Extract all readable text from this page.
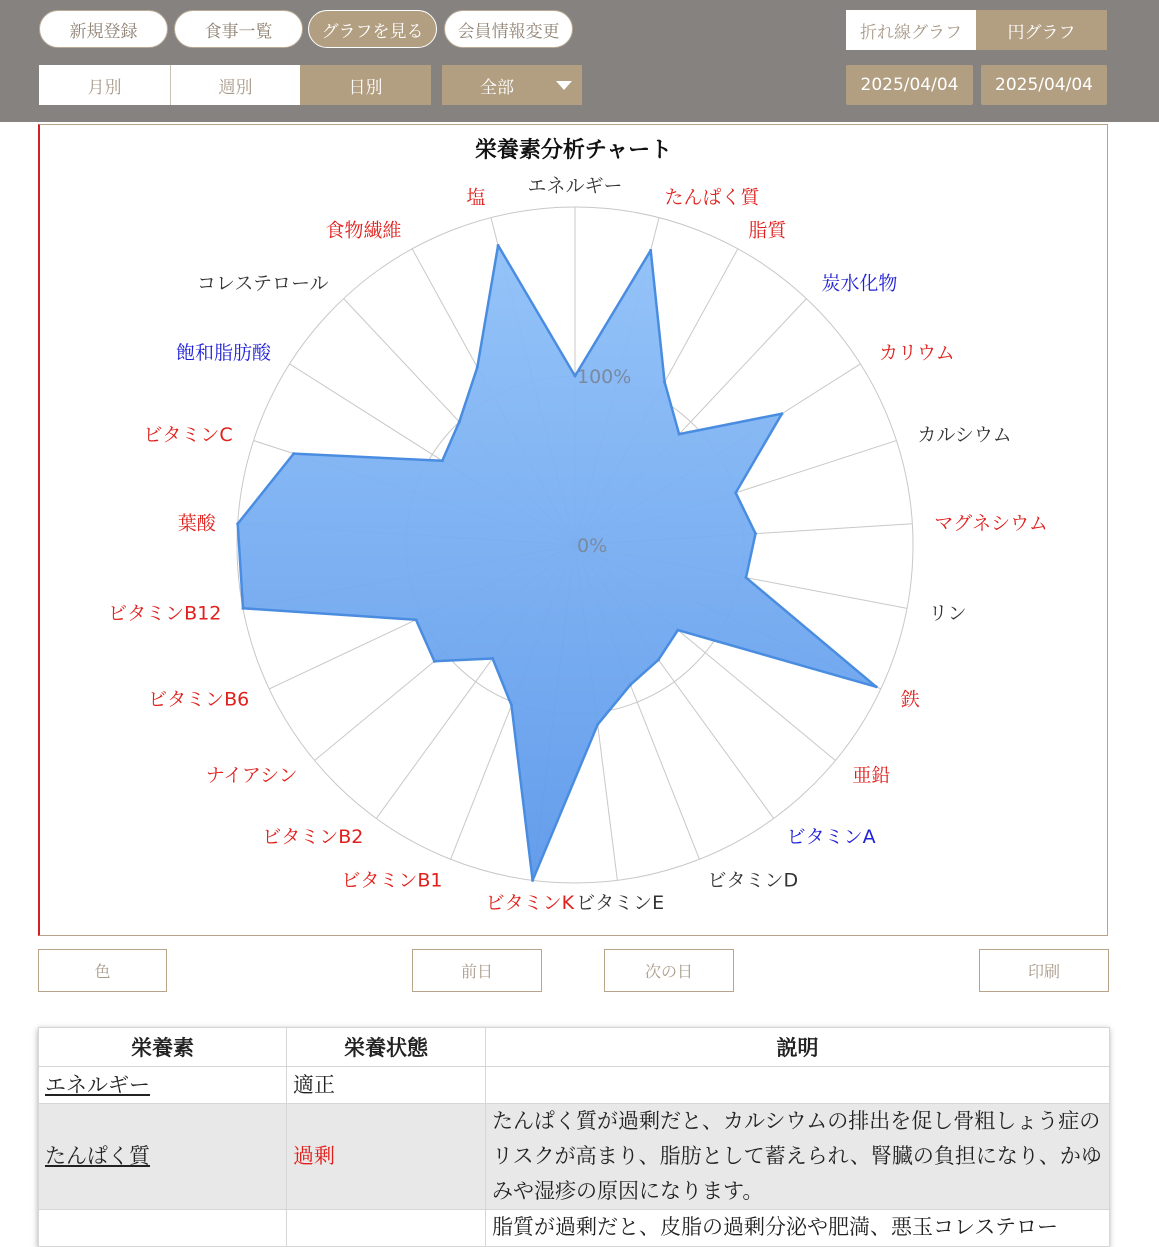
新規登録	食事一覧	グラフを見る	会員情報変更	折れ線グラフ	円グラフ
月別	週別	日別	全部	2025/04/04	2025/04/04
栄養素分析チャート
0%
100%
エネルギー
たんぱく質
脂質
炭水化物
カリウム
カルシウム
マグネシウム
リン
鉄
亜鉛
ビタミンA
ビタミンD
ビタミンE
ビタミンK
ビタミンB1
ビタミンB2
ナイアシン
ビタミンB6
ビタミンB12
葉酸
ビタミンC
飽和脂肪酸
コレステロール
食物繊維
塩
色	前日	次の日	印刷
栄養素	栄養状態	説明
エネルギー	適正	
たんぱく質	過剰	たんぱく質が過剰だと、カルシウムの排出を促し骨粗しょう症のリスクが高まり、脂肪として蓄えられ、腎臓の負担になり、かゆみや湿疹の原因になります。
		脂質が過剰だと、皮脂の過剰分泌や肥満、悪玉コレステロー
